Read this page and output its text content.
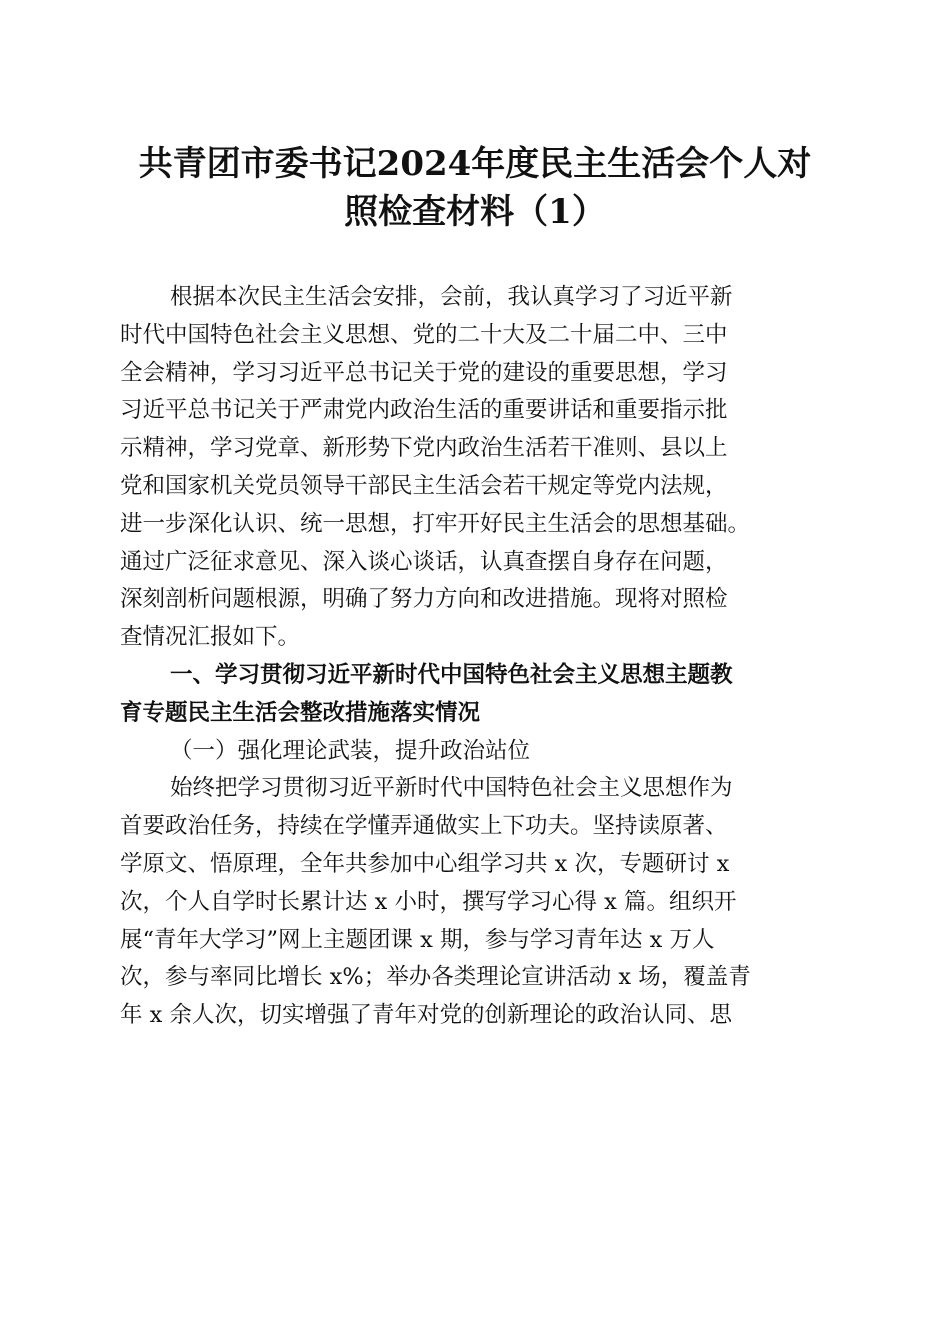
共青团市委书记2024年度民主生活会个人对
照检查材料（1）
根据本次民主生活会安排，会前，我认真学习了习近平新
时代中国特色社会主义思想、党的二十大及二十届二中、三中
全会精神，学习习近平总书记关于党的建设的重要思想，学习
习近平总书记关于严肃党内政治生活的重要讲话和重要指示批
示精神，学习党章、新形势下党内政治生活若干准则、县以上
党和国家机关党员领导干部民主生活会若干规定等党内法规，
进一步深化认识、统一思想，打牢开好民主生活会的思想基础。
通过广泛征求意见、深入谈心谈话，认真查摆自身存在问题，
深刻剖析问题根源，明确了努力方向和改进措施。现将对照检
查情况汇报如下。
一、学习贯彻习近平新时代中国特色社会主义思想主题教
育专题民主生活会整改措施落实情况
（一）强化理论武装，提升政治站位
始终把学习贯彻习近平新时代中国特色社会主义思想作为
首要政治任务，持续在学懂弄通做实上下功夫。坚持读原著、
学原文、悟原理，全年共参加中心组学习共 x 次，专题研讨 x
次，个人自学时长累计达 x 小时，撰写学习心得 x 篇。组织开
展“青年大学习”网上主题团课 x 期，参与学习青年达 x 万人
次，参与率同比增长 x%；举办各类理论宣讲活动 x 场，覆盖青
年 x 余人次，切实增强了青年对党的创新理论的政治认同、思
